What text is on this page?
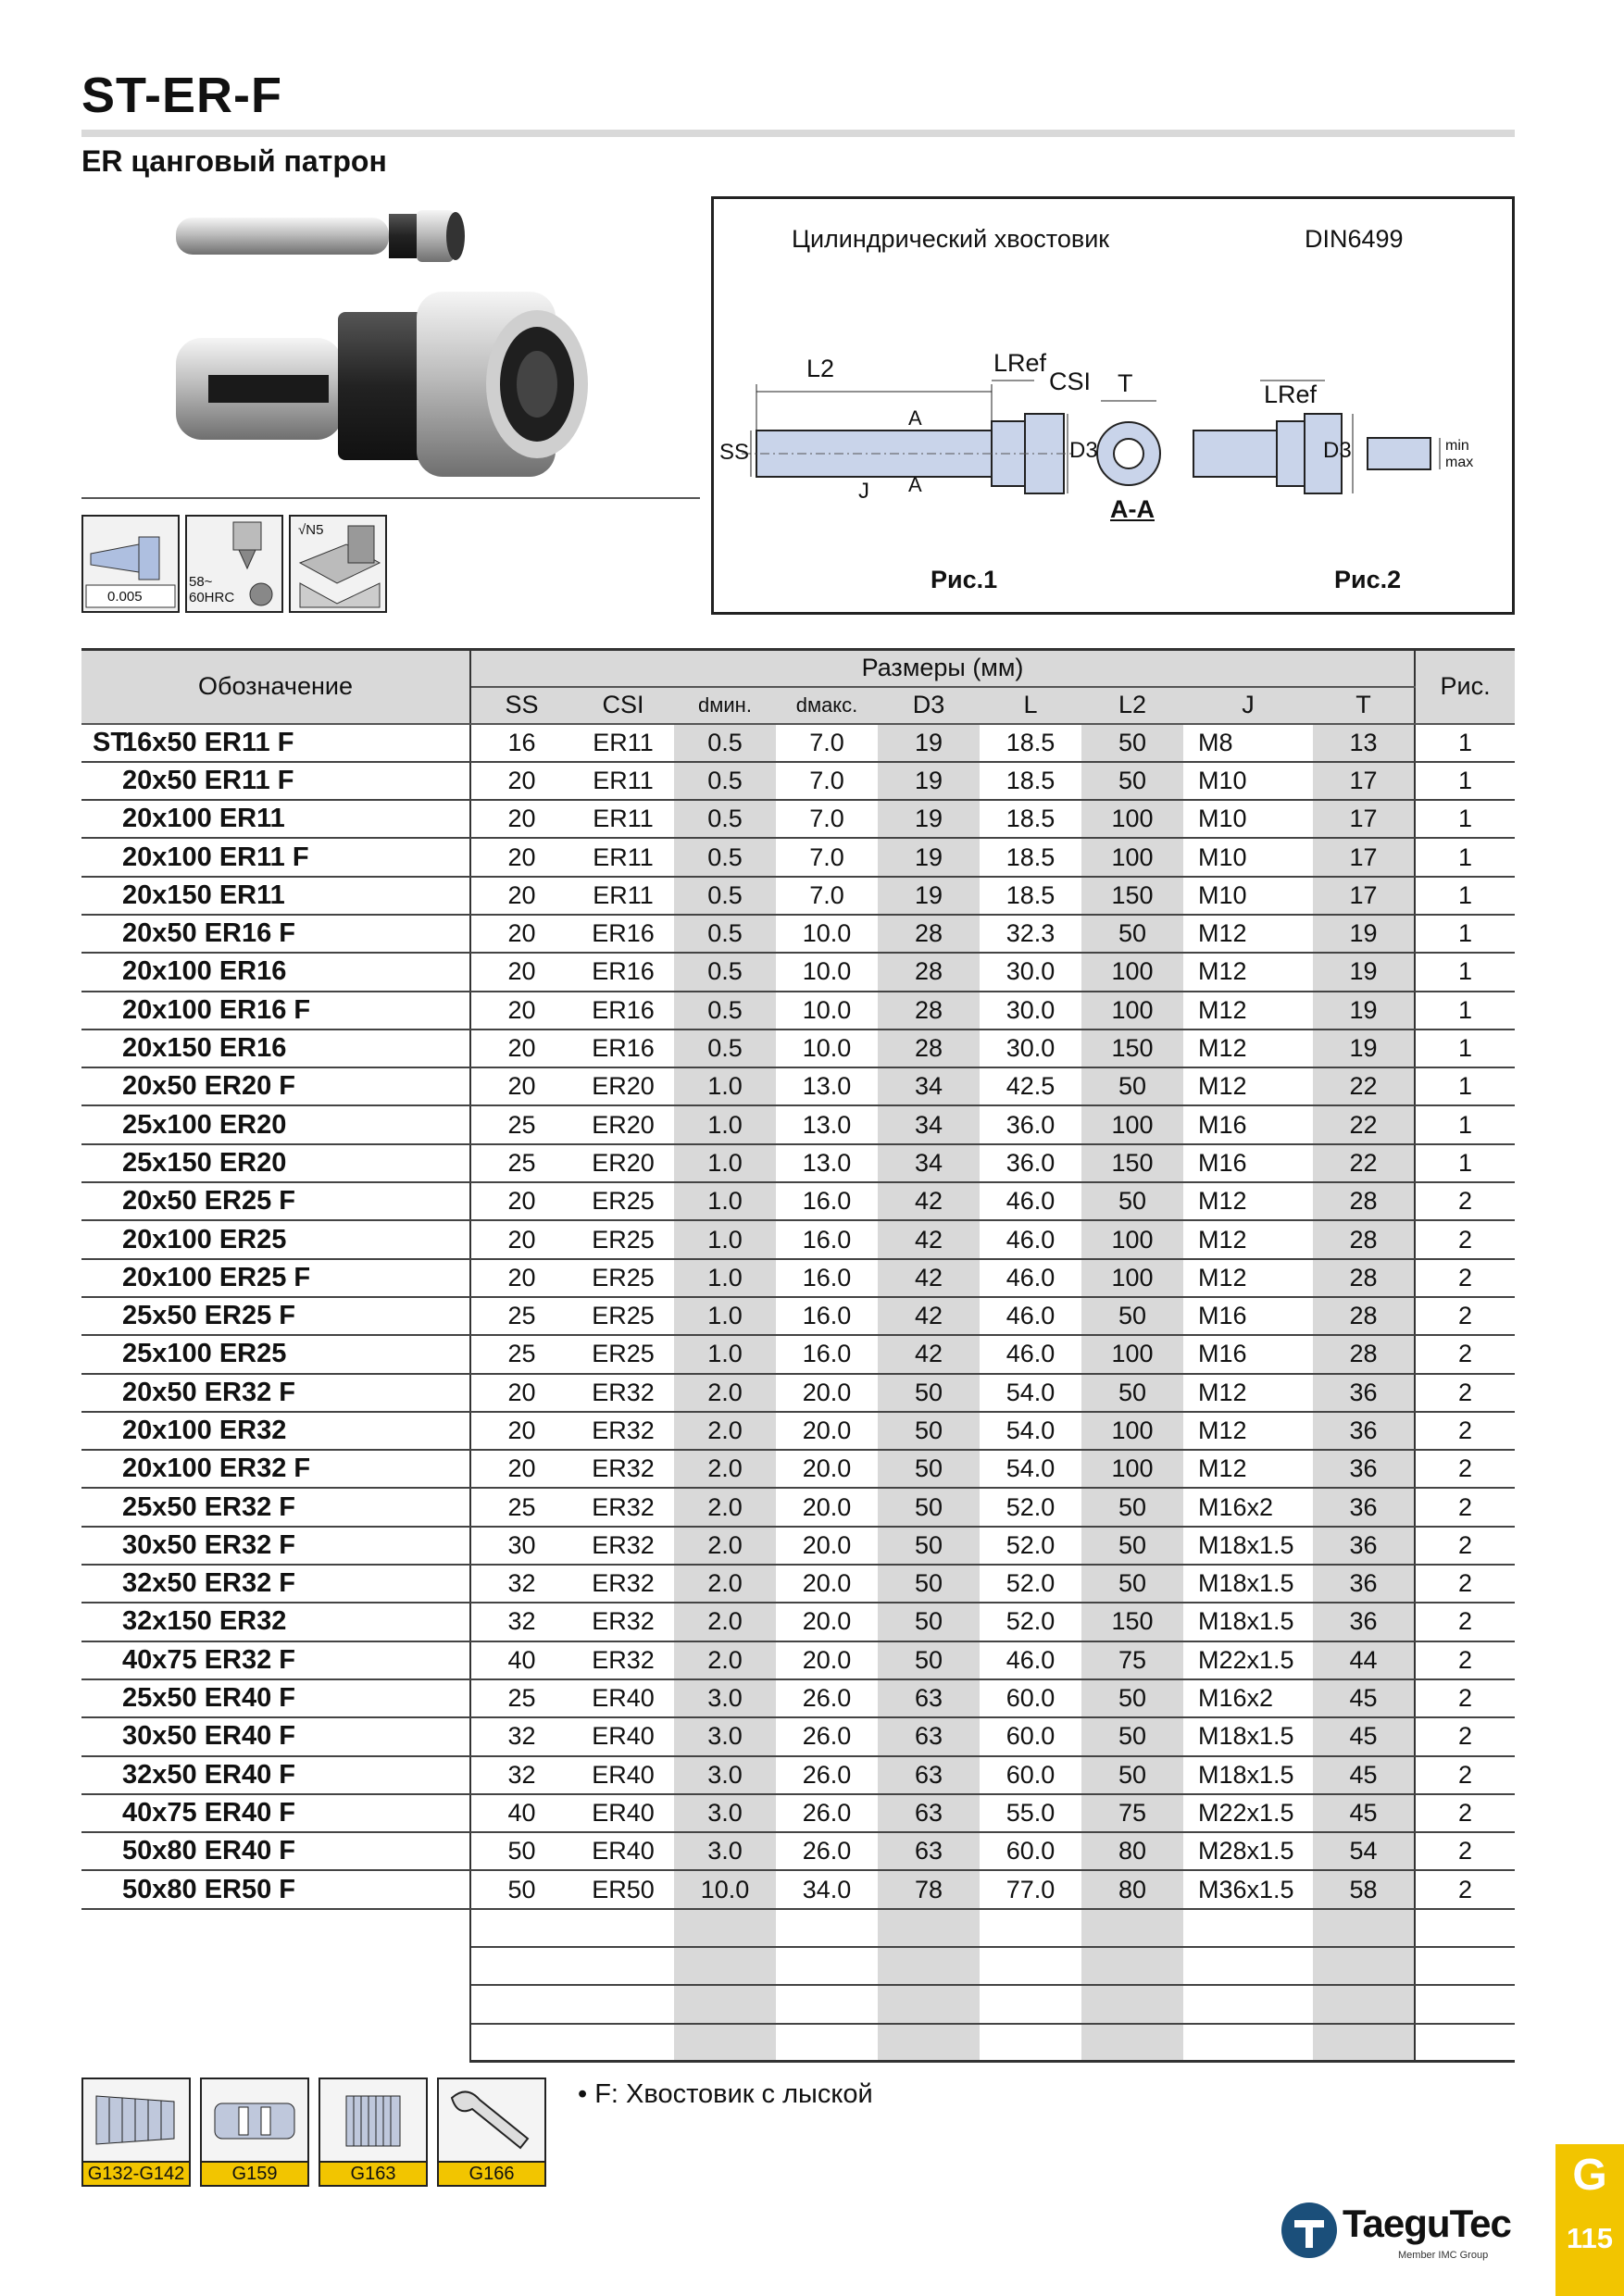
ST-ER-F
ER цанговый патрон
0.005
58~ 60HRC
√N5
Цилиндрический хвостовик	DIN6499
L2	LRef
CSI T
SS	D3
J
A
A
A-A
LRef
D3	min
max
Рис.1	Рис.2
Обозначение	Размеры (мм)									Рис.
	SS	CSI	dмин.	dмакс.	D3	L	L2	J	T	
ST16x50 ER11 F	16	ER11	0.5	7.0	19	18.5	50	M8	13	1
20x50 ER11 F	20	ER11	0.5	7.0	19	18.5	50	M10	17	1
20x100 ER11	20	ER11	0.5	7.0	19	18.5	100	M10	17	1
20x100 ER11 F	20	ER11	0.5	7.0	19	18.5	100	M10	17	1
20x150 ER11	20	ER11	0.5	7.0	19	18.5	150	M10	17	1
20x50 ER16 F	20	ER16	0.5	10.0	28	32.3	50	M12	19	1
20x100 ER16	20	ER16	0.5	10.0	28	30.0	100	M12	19	1
20x100 ER16 F	20	ER16	0.5	10.0	28	30.0	100	M12	19	1
20x150 ER16	20	ER16	0.5	10.0	28	30.0	150	M12	19	1
20x50 ER20 F	20	ER20	1.0	13.0	34	42.5	50	M12	22	1
25x100 ER20	25	ER20	1.0	13.0	34	36.0	100	M16	22	1
25x150 ER20	25	ER20	1.0	13.0	34	36.0	150	M16	22	1
20x50 ER25 F	20	ER25	1.0	16.0	42	46.0	50	M12	28	2
20x100 ER25	20	ER25	1.0	16.0	42	46.0	100	M12	28	2
20x100 ER25 F	20	ER25	1.0	16.0	42	46.0	100	M12	28	2
25x50 ER25 F	25	ER25	1.0	16.0	42	46.0	50	M16	28	2
25x100 ER25	25	ER25	1.0	16.0	42	46.0	100	M16	28	2
20x50 ER32 F	20	ER32	2.0	20.0	50	54.0	50	M12	36	2
20x100 ER32	20	ER32	2.0	20.0	50	54.0	100	M12	36	2
20x100 ER32 F	20	ER32	2.0	20.0	50	54.0	100	M12	36	2
25x50 ER32 F	25	ER32	2.0	20.0	50	52.0	50	M16x2	36	2
30x50 ER32 F	30	ER32	2.0	20.0	50	52.0	50	M18x1.5	36	2
32x50 ER32 F	32	ER32	2.0	20.0	50	52.0	50	M18x1.5	36	2
32x150 ER32	32	ER32	2.0	20.0	50	52.0	150	M18x1.5	36	2
40x75 ER32 F	40	ER32	2.0	20.0	50	46.0	75	M22x1.5	44	2
25x50 ER40 F	25	ER40	3.0	26.0	63	60.0	50	M16x2	45	2
30x50 ER40 F	32	ER40	3.0	26.0	63	60.0	50	M18x1.5	45	2
32x50 ER40 F	32	ER40	3.0	26.0	63	60.0	50	M18x1.5	45	2
40x75 ER40 F	40	ER40	3.0	26.0	63	55.0	75	M22x1.5	45	2
50x80 ER40 F	50	ER40	3.0	26.0	63	60.0	80	M28x1.5	54	2
50x80 ER50 F	50	ER50	10.0	34.0	78	77.0	80	M36x1.5	58	2

G132-G142	G159	G163	G166
• F: Хвостовик с лыской
TaeguTec
Member IMC Group
G
115
